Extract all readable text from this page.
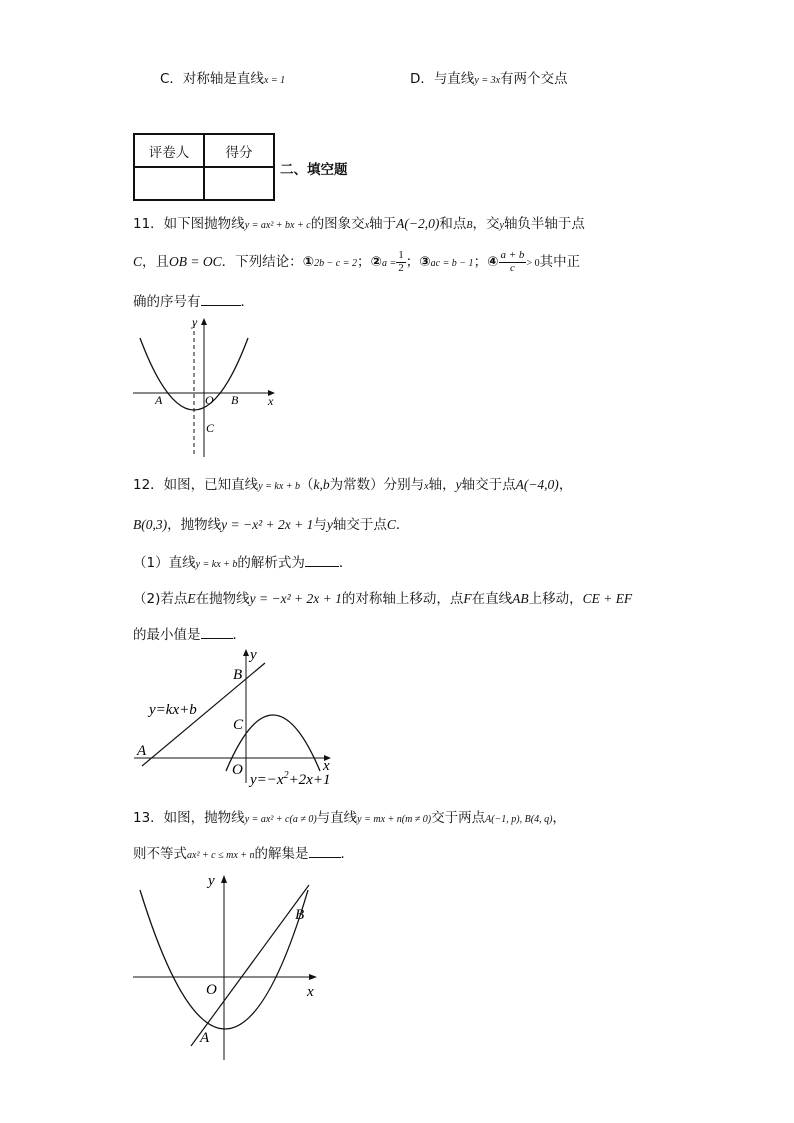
C．对称轴是直线x = 1	D．与直线y = 3x有两个交点
评卷人	得分

二、填空题
11．如下图抛物线y = ax² + bx + c的图象交x轴于A(−2,0)和点B，交y轴负半轴于点
C，且OB = OC．下列结论：①2b − c = 2；②a = $\frac{1}{2}$ ；③ac = b − 1；④ $\frac{a + b}{c} > 0$其中正
确的序号有	．
y
x
A	O B
C
12．如图，已知直线y = kx + b（k,b为常数）分别与x轴，y轴交于点A(−4,0)，
B(0,3)，抛物线y = −x² + 2x + 1与y轴交于点C．
（1）直线y = kx + b的解析式为	．
（2)若点E在抛物线y = −x² + 2x + 1的对称轴上移动，点F在直线AB上移动，CE + EF
的最小值是 ．
y
x
B
C
A
O
y=kx+b
$y=-x^2+2x+1$
13．如图，抛物线y = ax² + c(a ≠ 0)与直线y = mx + n(m ≠ 0)交于两点A(−1, p), B(4, q)，
则不等式ax² + c ≤ mx + n的解集是 ．
y
x
O
A
B
